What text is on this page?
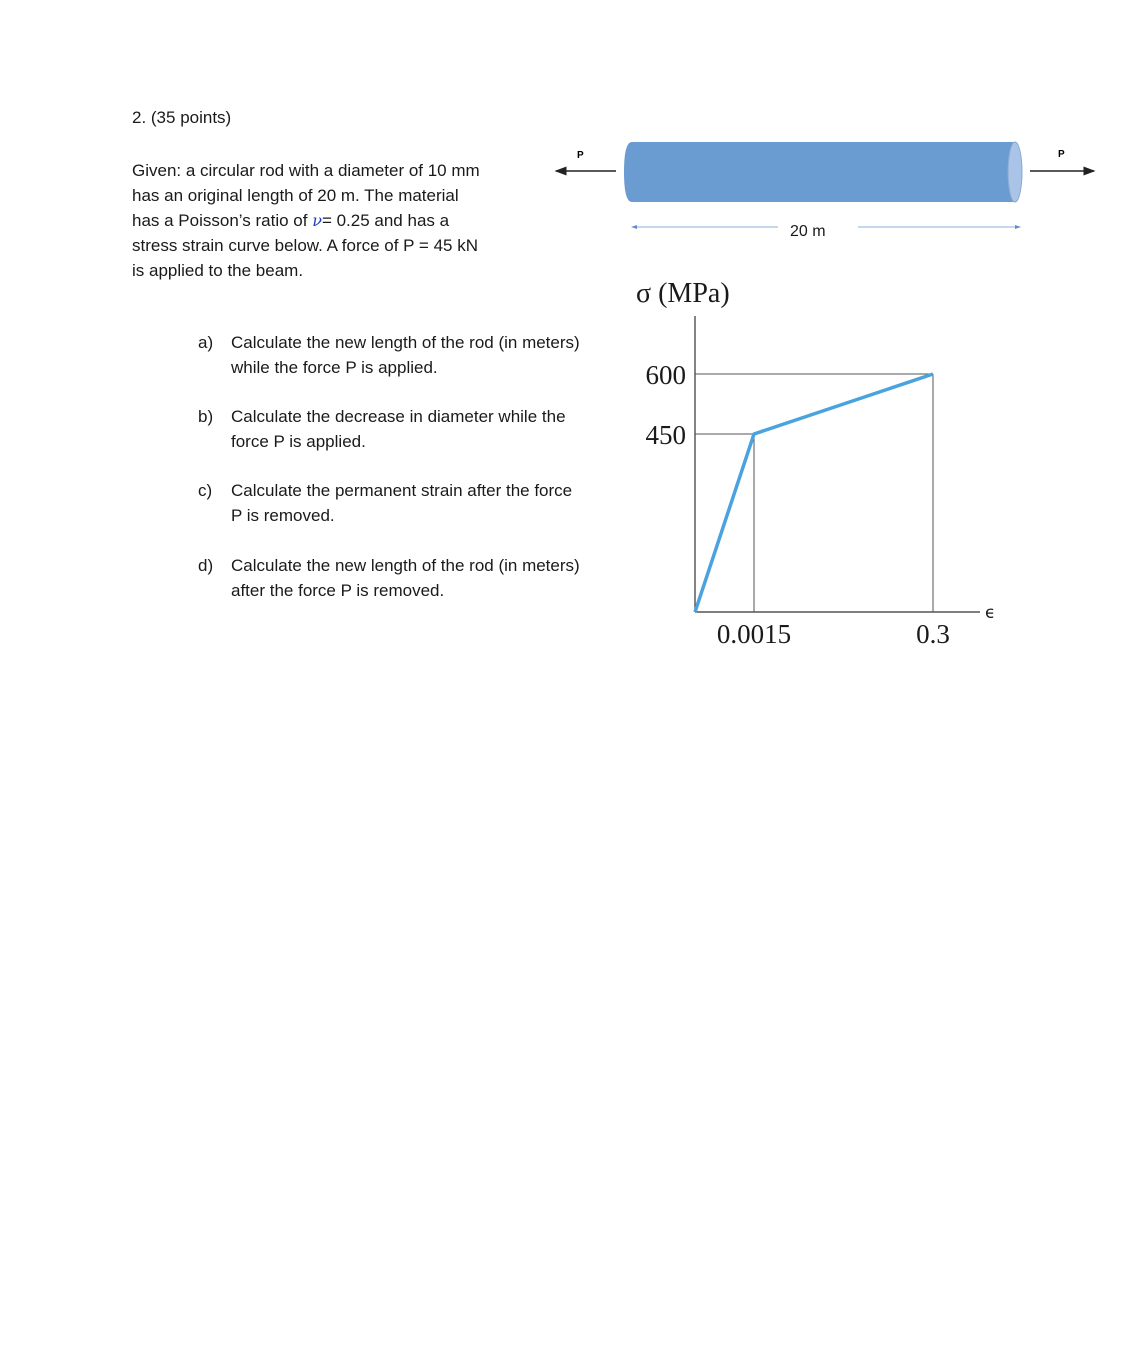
2. (35 points)
Given: a circular rod with a diameter of 10 mm
has an original length of 20 m. The material
has a Poisson’s ratio of ν= 0.25 and has a
stress strain curve below. A force of P = 45 kN
is applied to the beam.
a) Calculate the new length of the rod (in meters)
while the force P is applied.
b) Calculate the decrease in diameter while the
force P is applied.
c) Calculate the permanent strain after the force
P is removed.
d) Calculate the new length of the rod (in meters)
after the force P is removed.
P	P
20 m
σ (MPa)
ϵ
600
450
0.0015	0.3
